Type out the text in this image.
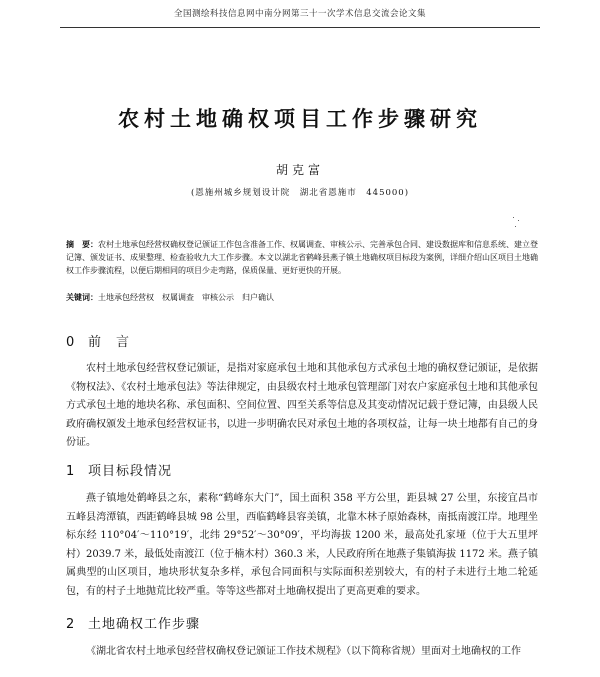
全国测绘科技信息网中南分网第三十一次学术信息交流会论文集
农村土地确权项目工作步骤研究
胡克富
(恩施州城乡规划设计院　湖北省恩施市　445000)
摘　要：农村土地承包经营权确权登记颁证工作包含准备工作、权属调查、审核公示、完善承包合同、建设数据库和信息系统、建立登记簿、颁发证书、成果整理、检查验收九大工作步骤。本文以湖北省鹤峰县燕子镇土地确权项目标段为案例，详细介绍山区项目土地确权工作步骤流程，以便后期相同的项目少走弯路，保质保量、更好更快的开展。
关键词：土地承包经营权　权属调查　审核公示　归户确认
0 前　言
农村土地承包经营权登记颁证，是指对家庭承包土地和其他承包方式承包土地的确权登记颁证，是依据《物权法》、《农村土地承包法》等法律规定，由县级农村土地承包管理部门对农户家庭承包土地和其他承包方式承包土地的地块名称、承包面积、空间位置、四至关系等信息及其变动情况记载于登记簿，由县级人民政府确权颁发土地承包经营权证书，以进一步明确农民对承包土地的各项权益，让每一块土地都有自己的身份证。
1 项目标段情况
燕子镇地处鹤峰县之东，素称“鹤峰东大门”，国土面积 358 平方公里，距县城 27 公里，东接宜昌市五峰县湾潭镇，西距鹤峰县城 98 公里，西临鹤峰县容美镇，北靠木林子原始森林，南抵南渡江岸。地理坐标东经 110°04′～110°19′，北纬 29°52′～30°09′，平均海拔 1200 米，最高处孔家垭（位于大五里坪村）2039.7 米，最低处南渡江（位于楠木村）360.3 米，人民政府所在地燕子集镇海拔 1172 米。燕子镇属典型的山区项目，地块形状复杂多样，承包合同面积与实际面积差别较大，有的村子未进行土地二轮延包，有的村子土地抛荒比较严重。等等这些都对土地确权提出了更高更难的要求。
2 土地确权工作步骤
《湖北省农村土地承包经营权确权登记颁证工作技术规程》（以下简称省规）里面对土地确权的工作
